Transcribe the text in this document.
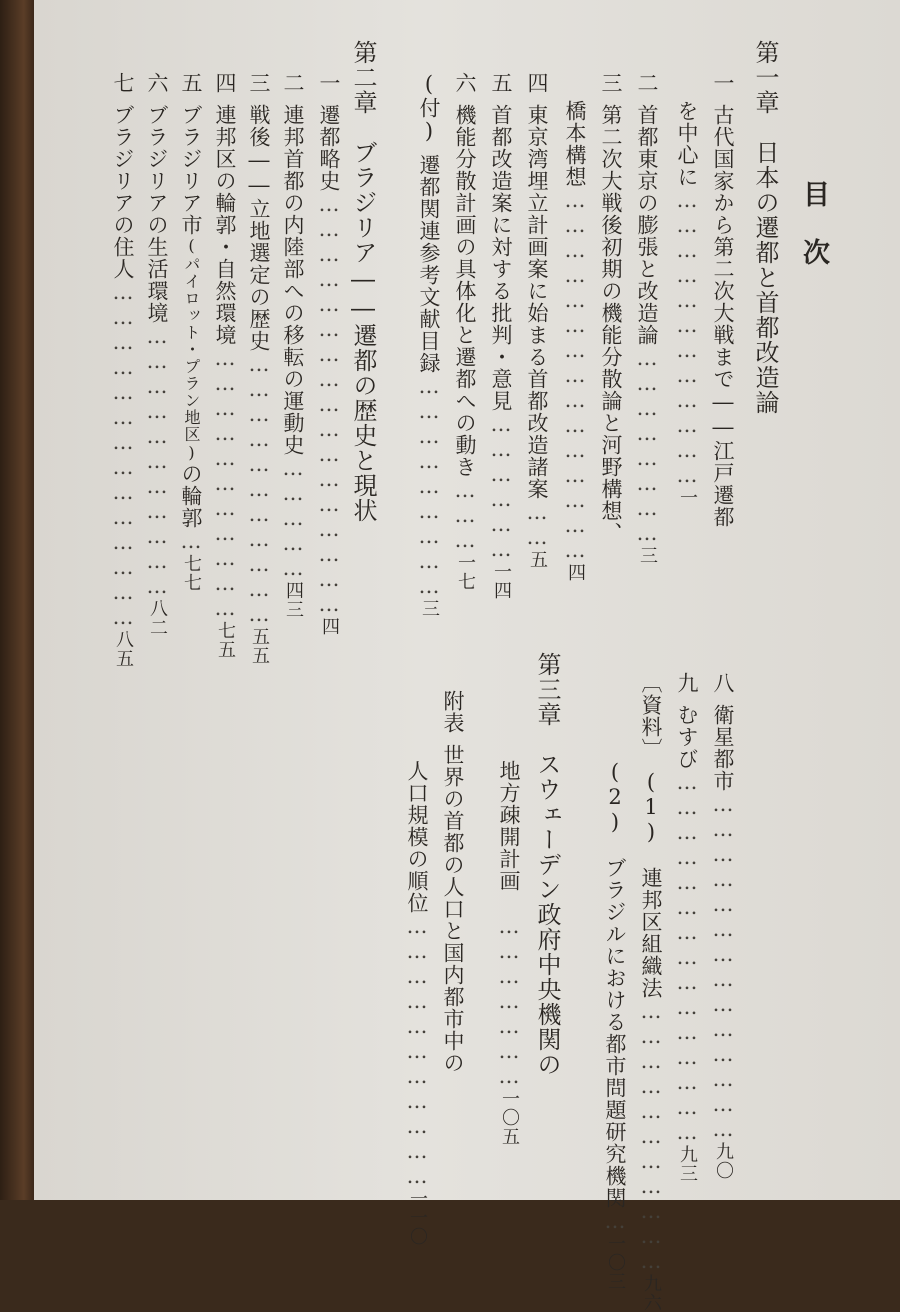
目　次
第一章　日本の遷都と首都改造論
一古代国家から第二次大戦まで――江戸遷都
を中心に………………………………一
二首都東京の膨張と改造論……………………三
三第二次大戦後初期の機能分散論と河野構想、
橋本構想………………………………………四
四東京湾埋立計画案に始まる首都改造諸案……五
五首都改造案に対する批判・意見………………一四
六機能分散計画の具体化と遷都への動き………一七
(付)遷都関連参考文献目録………………………三
第二章　ブラジリア――遷都の歴史と現状
一遷都略史……………………………………………四
二連邦首都の内陸部への移転の運動史……………四三
三戦後――立地選定の歴史……………………………五五
四連邦区の輪郭・自然環境……………………………七五
五ブラジリア市(パイロット・プラン地区)の輪郭…七七
六ブラジリアの生活環境……………………………八二
七ブラジリアの住人……………………………………八五
八衛星都市……………………………………九〇
九むすび………………………………………九三
〔資料〕(1)　連邦区組織法……………………………九六
(2)　ブラジルにおける都市問題研究機関…一〇三
第三章　スウェーデン政府中央機関の
地方疎開計画　…………………一〇五
附表世界の首都の人口と国内都市中の
人口規模の順位……………………………一一〇
